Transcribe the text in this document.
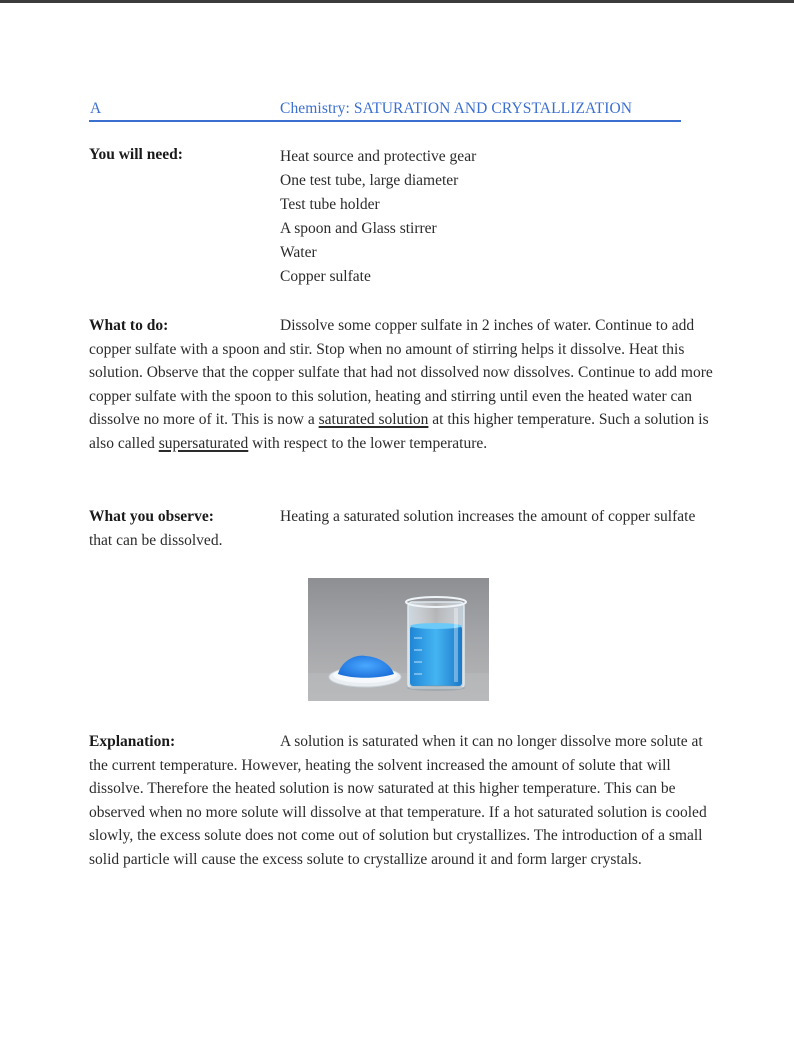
A	Chemistry: SATURATION AND CRYSTALLIZATION
You will need:	Heat source and protective gear
One test tube, large diameter
Test tube holder
A spoon and Glass stirrer
Water
Copper sulfate

What to do:	Dissolve some copper sulfate in 2 inches of water. Continue to add copper sulfate with a spoon and stir. Stop when no amount of stirring helps it dissolve. Heat this solution. Observe that the copper sulfate that had not dissolved now dissolves. Continue to add more copper sulfate with the spoon to this solution, heating and stirring until even the heated water can dissolve no more of it. This is now a saturated solution at this higher temperature. Such a solution is also called supersaturated with respect to the lower temperature.

What you observe:	Heating a saturated solution increases the amount of copper sulfate that can be dissolved.

Explanation:	A solution is saturated when it can no longer dissolve more solute at the current temperature. However, heating the solvent increased the amount of solute that will dissolve. Therefore the heated solution is now saturated at this higher temperature. This can be observed when no more solute will dissolve at that temperature. If a hot saturated solution is cooled slowly, the excess solute does not come out of solution but crystallizes. The introduction of a small solid particle will cause the excess solute to crystallize around it and form larger crystals.
